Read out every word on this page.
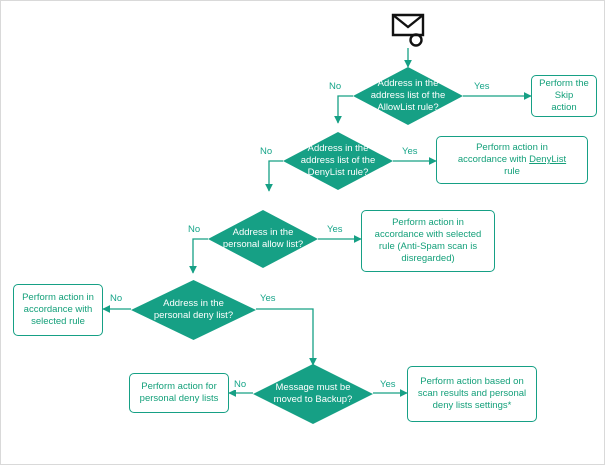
Address in the address list of the AllowList rule?
Address in the address list of the DenyList rule?
Address in the personal allow list?
Address in the personal deny list?
Message must be moved to Backup?
Perform the Skip
action
Perform action in
accordance with DenyList
rule
Perform action in
accordance with selected
rule (Anti-Spam scan is
disregarded)
Perform action in
accordance with
selected rule
Perform action for
personal deny lists
Perform action based on
scan results and personal
deny lists settings*
No	Yes
No	Yes
No	Yes
No	Yes
No	Yes
